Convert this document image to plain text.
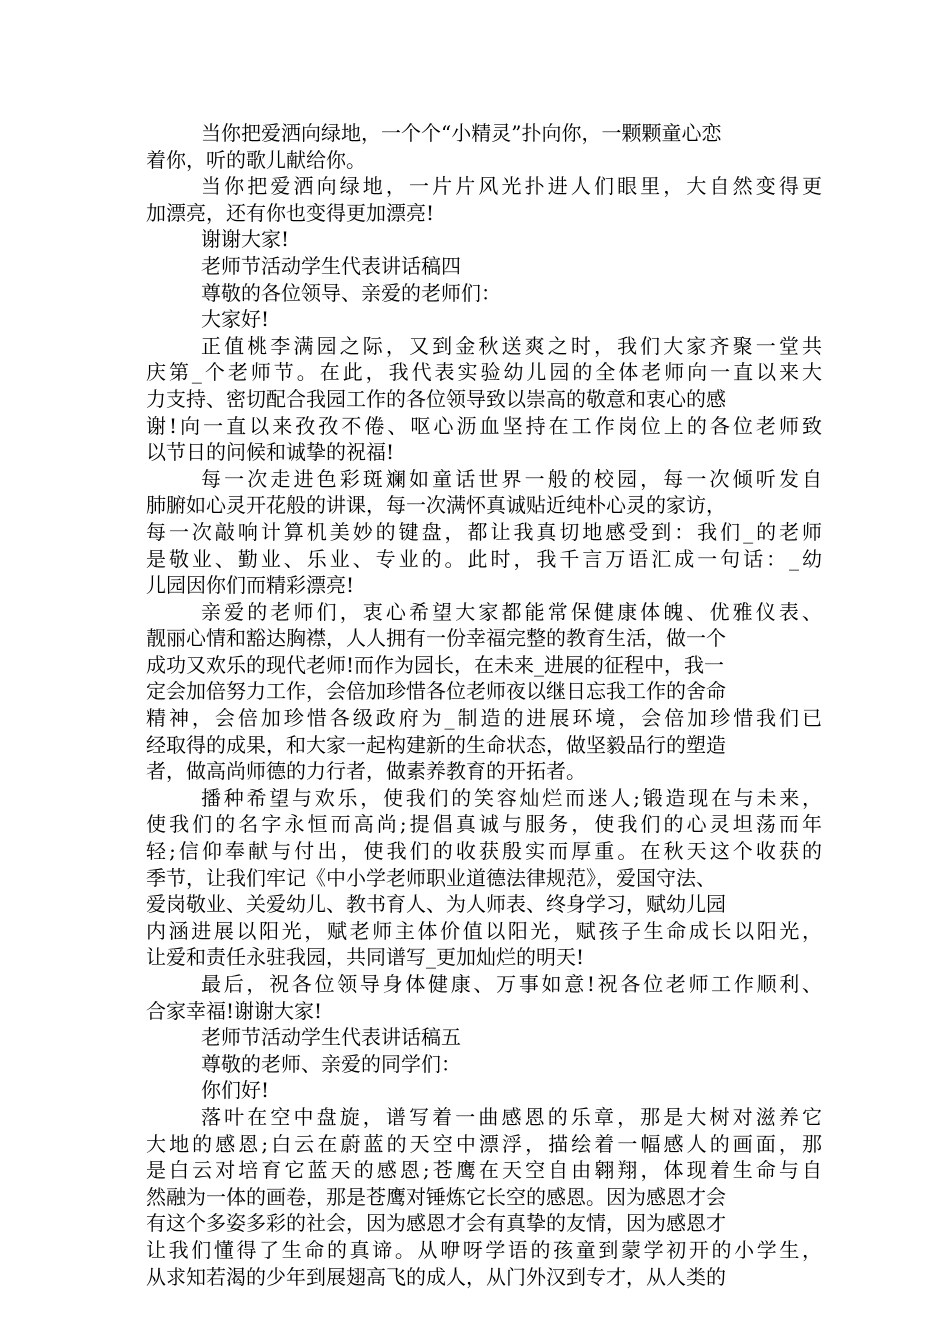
当你把爱洒向绿地，一个个“小精灵”扑向你，一颗颗童心恋
着你，听的歌儿献给你。
当你把爱洒向绿地，一片片风光扑进人们眼里，大自然变得更
加漂亮，还有你也变得更加漂亮!
谢谢大家!
老师节活动学生代表讲话稿四
尊敬的各位领导、亲爱的老师们：
大家好!
正值桃李满园之际，又到金秋送爽之时，我们大家齐聚一堂共
庆第_个老师节。在此，我代表实验幼儿园的全体老师向一直以来大
力支持、密切配合我园工作的各位领导致以崇高的敬意和衷心的感
谢!向一直以来孜孜不倦、呕心沥血坚持在工作岗位上的各位老师致
以节日的问候和诚挚的祝福!
每一次走进色彩斑斓如童话世界一般的校园，每一次倾听发自
肺腑如心灵开花般的讲课，每一次满怀真诚贴近纯朴心灵的家访，
每一次敲响计算机美妙的键盘，都让我真切地感受到：我们_的老师
是敬业、勤业、乐业、专业的。此时，我千言万语汇成一句话：_幼
儿园因你们而精彩漂亮!
亲爱的老师们，衷心希望大家都能常保健康体魄、优雅仪表、
靓丽心情和豁达胸襟，人人拥有一份幸福完整的教育生活，做一个
成功又欢乐的现代老师!而作为园长，在未来_进展的征程中，我一
定会加倍努力工作，会倍加珍惜各位老师夜以继日忘我工作的舍命
精神，会倍加珍惜各级政府为_制造的进展环境，会倍加珍惜我们已
经取得的成果，和大家一起构建新的生命状态，做坚毅品行的塑造
者，做高尚师德的力行者，做素养教育的开拓者。
播种希望与欢乐，使我们的笑容灿烂而迷人;锻造现在与未来，
使我们的名字永恒而高尚;提倡真诚与服务，使我们的心灵坦荡而年
轻;信仰奉献与付出，使我们的收获殷实而厚重。在秋天这个收获的
季节，让我们牢记《中小学老师职业道德法律规范》，爱国守法、
爱岗敬业、关爱幼儿、教书育人、为人师表、终身学习，赋幼儿园
内涵进展以阳光，赋老师主体价值以阳光，赋孩子生命成长以阳光，
让爱和责任永驻我园，共同谱写_更加灿烂的明天!
最后，祝各位领导身体健康、万事如意!祝各位老师工作顺利、
合家幸福!谢谢大家!
老师节活动学生代表讲话稿五
尊敬的老师、亲爱的同学们：
你们好!
落叶在空中盘旋，谱写着一曲感恩的乐章，那是大树对滋养它
大地的感恩;白云在蔚蓝的天空中漂浮，描绘着一幅感人的画面，那
是白云对培育它蓝天的感恩;苍鹰在天空自由翱翔，体现着生命与自
然融为一体的画卷，那是苍鹰对锤炼它长空的感恩。因为感恩才会
有这个多姿多彩的社会，因为感恩才会有真挚的友情，因为感恩才
让我们懂得了生命的真谛。从咿呀学语的孩童到蒙学初开的小学生，
从求知若渴的少年到展翅高飞的成人，从门外汉到专才，从人类的
